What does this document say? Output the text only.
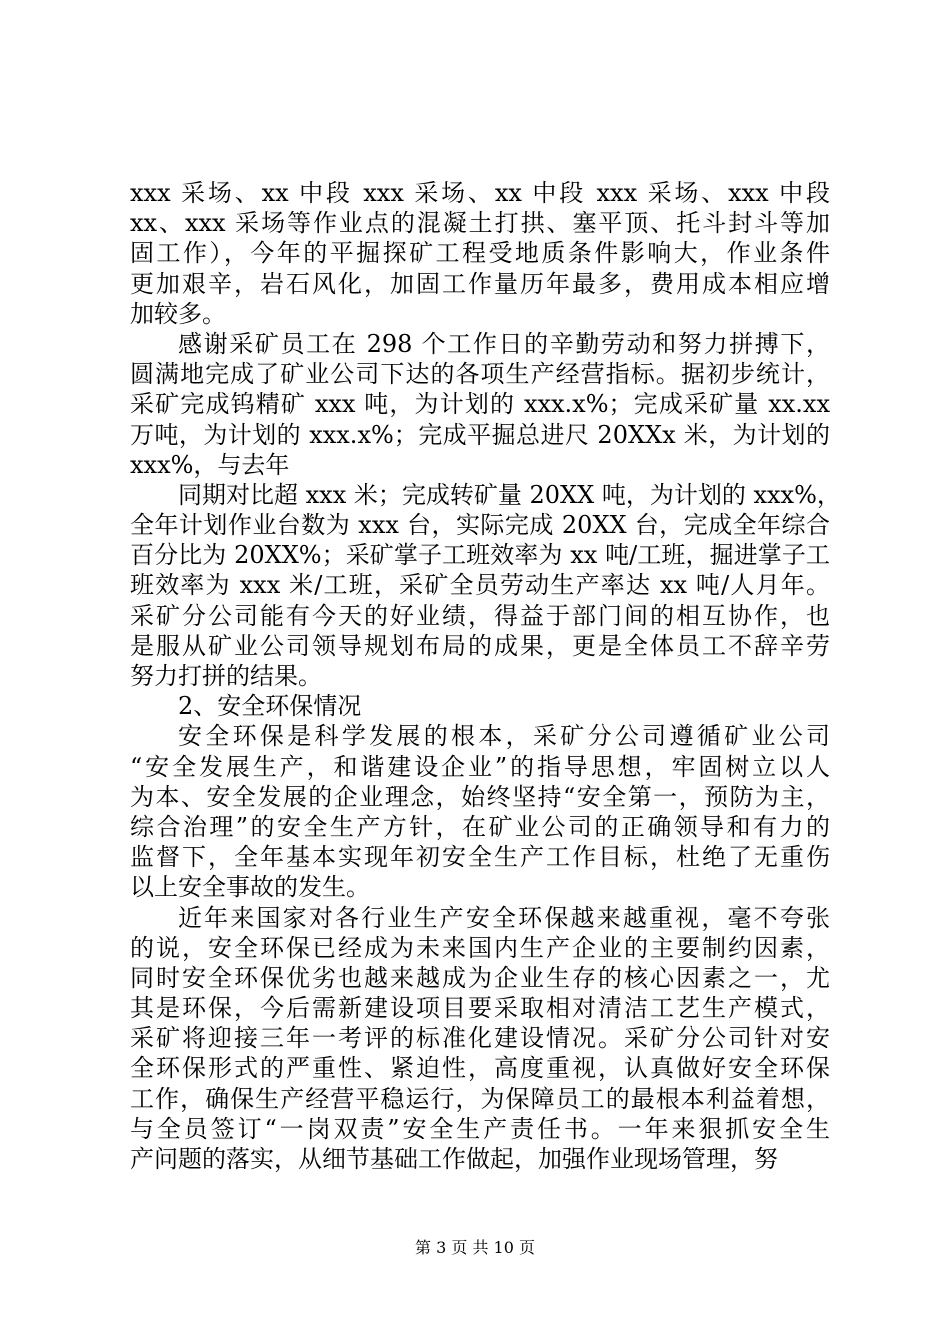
xxx 采场、xx 中段 xxx 采场、xx 中段 xxx 采场、xxx 中段
xx、xxx 采场等作业点的混凝土打拱、塞平顶、托斗封斗等加
固工作），今年的平掘探矿工程受地质条件影响大，作业条件
更加艰辛，岩石风化，加固工作量历年最多，费用成本相应增
加较多。
感谢采矿员工在 298 个工作日的辛勤劳动和努力拼搏下，
圆满地完成了矿业公司下达的各项生产经营指标。据初步统计，
采矿完成钨精矿 xxx 吨，为计划的 xxx.x%；完成采矿量 xx.xx
万吨，为计划的 xxx.x%；完成平掘总进尺 20XXx 米，为计划的
xxx%，与去年
同期对比超 xxx 米；完成转矿量 20XX 吨，为计划的 xxx%，
全年计划作业台数为 xxx 台，实际完成 20XX 台，完成全年综合
百分比为 20XX%；采矿掌子工班效率为 xx 吨/工班，掘进掌子工
班效率为 xxx 米/工班，采矿全员劳动生产率达 xx 吨/人月年。
采矿分公司能有今天的好业绩，得益于部门间的相互协作，也
是服从矿业公司领导规划布局的成果，更是全体员工不辞辛劳
努力打拼的结果。
2、安全环保情况
安全环保是科学发展的根本，采矿分公司遵循矿业公司
“安全发展生产，和谐建设企业”的指导思想，牢固树立以人
为本、安全发展的企业理念，始终坚持“安全第一，预防为主，
综合治理”的安全生产方针，在矿业公司的正确领导和有力的
监督下，全年基本实现年初安全生产工作目标，杜绝了无重伤
以上安全事故的发生。
近年来国家对各行业生产安全环保越来越重视，毫不夸张
的说，安全环保已经成为未来国内生产企业的主要制约因素，
同时安全环保优劣也越来越成为企业生存的核心因素之一，尤
其是环保，今后需新建设项目要采取相对清洁工艺生产模式，
采矿将迎接三年一考评的标准化建设情况。采矿分公司针对安
全环保形式的严重性、紧迫性，高度重视，认真做好安全环保
工作，确保生产经营平稳运行，为保障员工的最根本利益着想，
与全员签订“一岗双责”安全生产责任书。一年来狠抓安全生
产问题的落实，从细节基础工作做起，加强作业现场管理，努
第 3 页 共 10 页
